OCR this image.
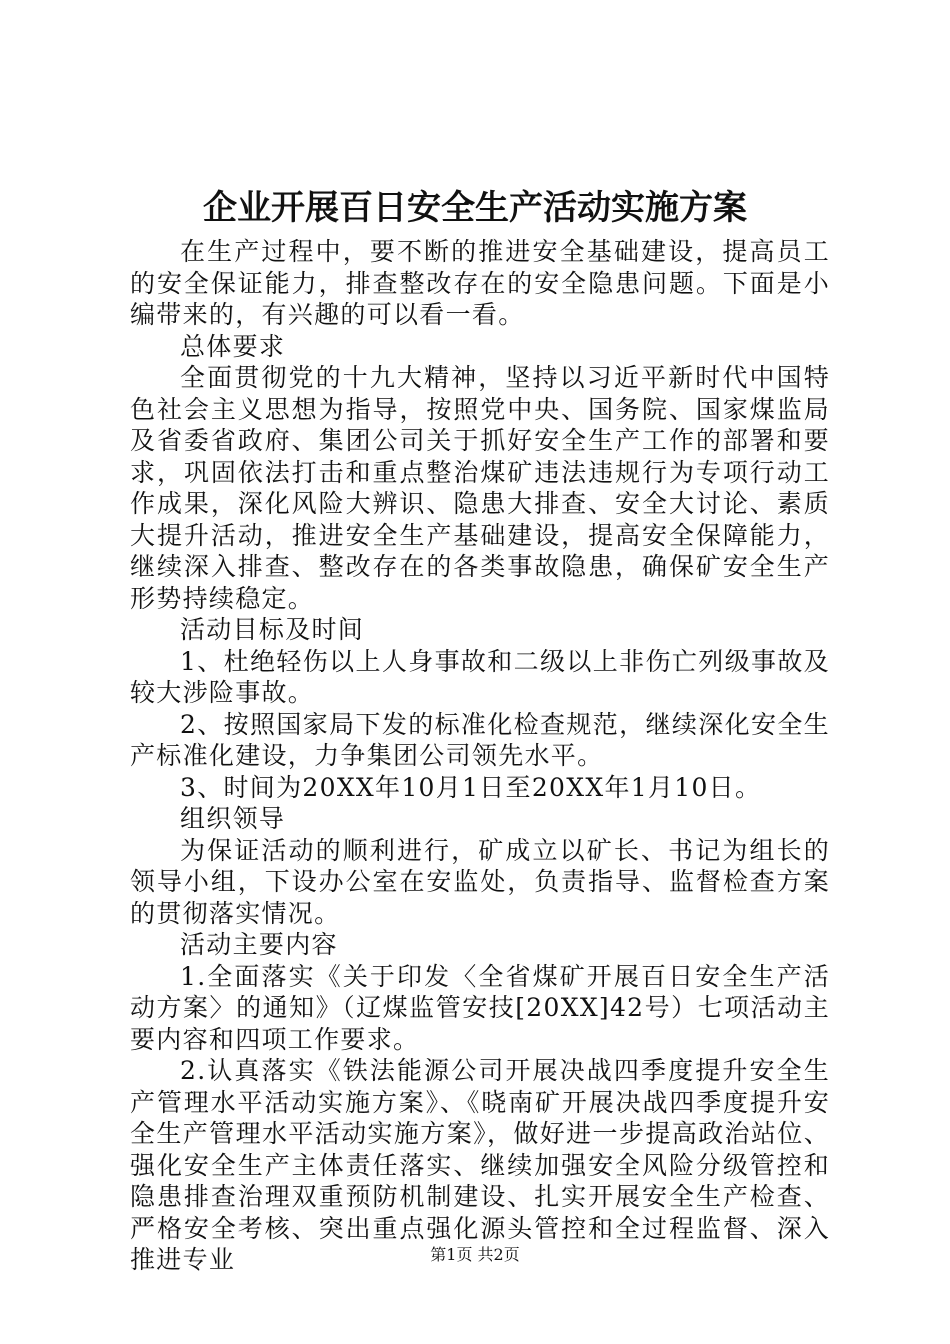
企业开展百日安全生产活动实施方案

在生产过程中，要不断的推进安全基础建设，提高员工的安全保证能力，排查整改存在的安全隐患问题。下面是小编带来的，有兴趣的可以看一看。

总体要求

全面贯彻党的十九大精神，坚持以习近平新时代中国特色社会主义思想为指导，按照党中央、国务院、国家煤监局及省委省政府、集团公司关于抓好安全生产工作的部署和要求，巩固依法打击和重点整治煤矿违法违规行为专项行动工作成果，深化风险大辨识、隐患大排查、安全大讨论、素质大提升活动，推进安全生产基础建设，提高安全保障能力，继续深入排查、整改存在的各类事故隐患，确保矿安全生产形势持续稳定。

活动目标及时间

1、杜绝轻伤以上人身事故和二级以上非伤亡列级事故及较大涉险事故。

2、按照国家局下发的标准化检查规范，继续深化安全生产标准化建设，力争集团公司领先水平。

3、时间为20XX年10月1日至20XX年1月10日。

组织领导

为保证活动的顺利进行，矿成立以矿长、书记为组长的领导小组，下设办公室在安监处，负责指导、监督检查方案的贯彻落实情况。

活动主要内容

1.全面落实《关于印发〈全省煤矿开展百日安全生产活动方案〉的通知》（辽煤监管安技[20XX]42号）七项活动主要内容和四项工作要求。

2.认真落实《铁法能源公司开展决战四季度提升安全生产管理水平活动实施方案》、《晓南矿开展决战四季度提升安全生产管理水平活动实施方案》，做好进一步提高政治站位、强化安全生产主体责任落实、继续加强安全风险分级管控和隐患排查治理双重预防机制建设、扎实开展安全生产检查、严格安全考核、突出重点强化源头管控和全过程监督、深入推进专业	第1页 共2页
